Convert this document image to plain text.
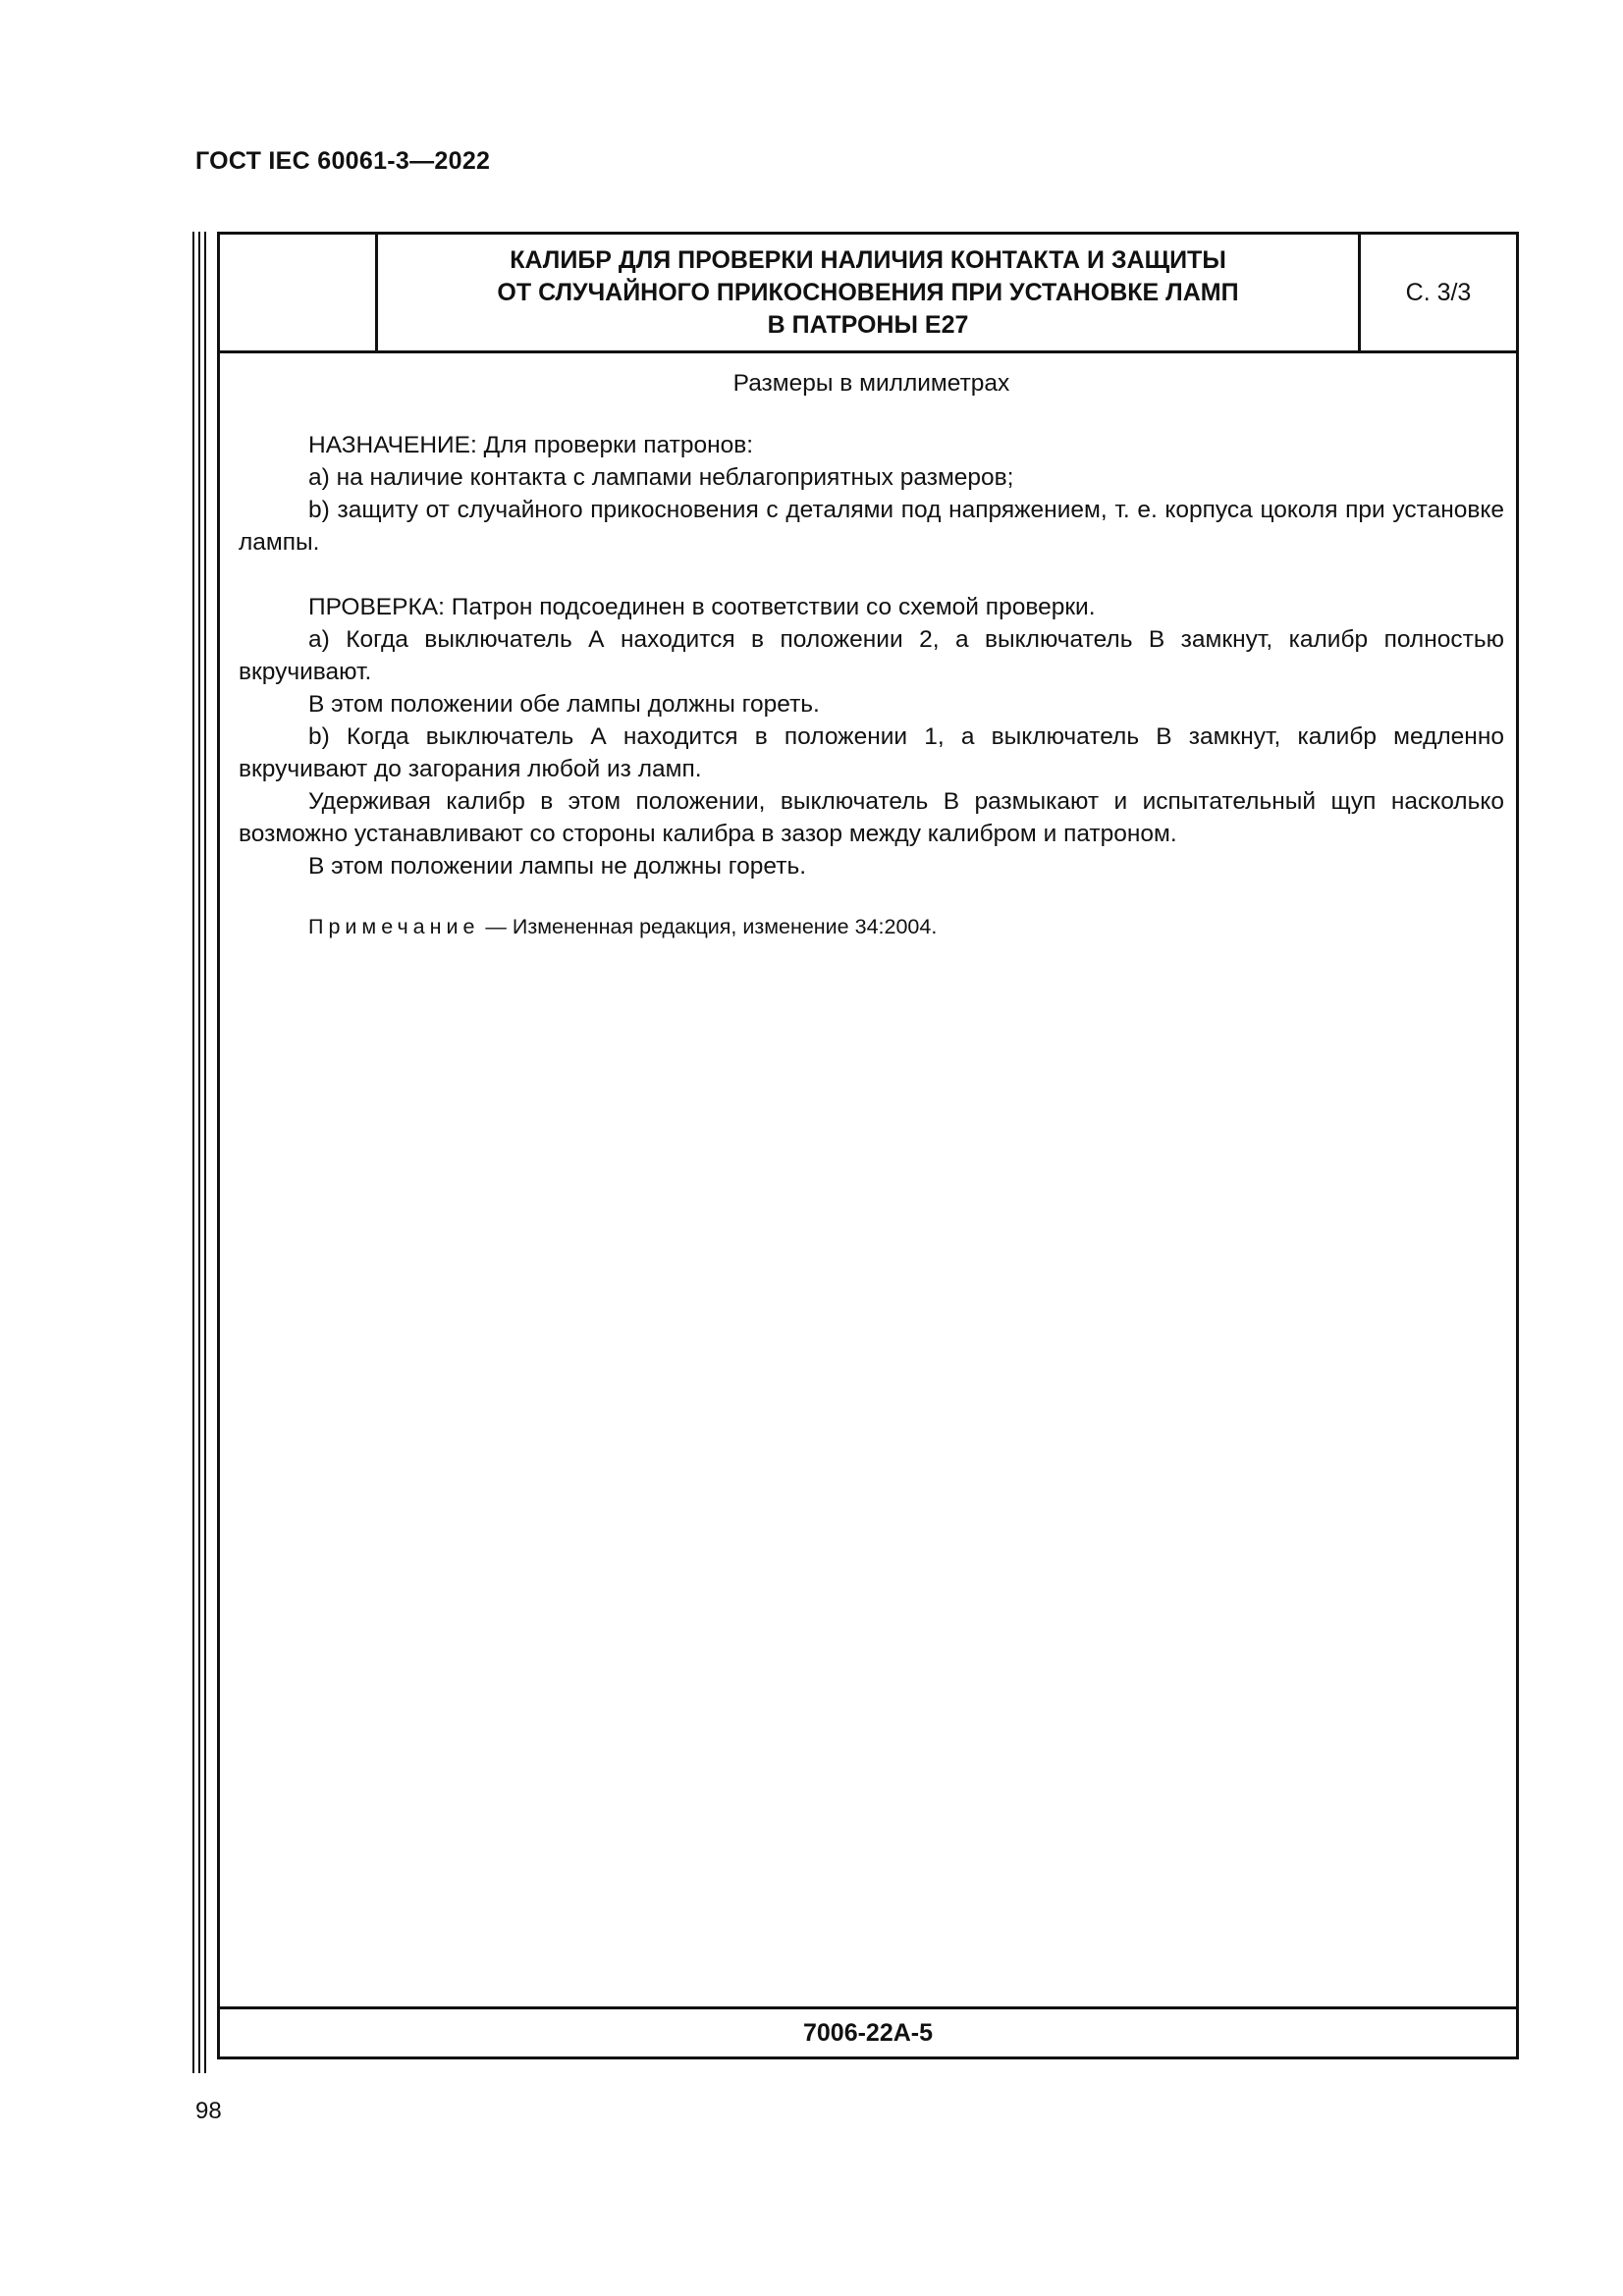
ГОСТ IEC 60061-3—2022
КАЛИБР ДЛЯ ПРОВЕРКИ НАЛИЧИЯ КОНТАКТА И ЗАЩИТЫ
ОТ СЛУЧАЙНОГО ПРИКОСНОВЕНИЯ ПРИ УСТАНОВКЕ ЛАМП
В ПАТРОНЫ Е27
С. 3/3
Размеры в миллиметрах

НАЗНАЧЕНИЕ: Для проверки патронов:

а) на наличие контакта с лампами неблагоприятных размеров;

b) защиту от случайного прикосновения с деталями под напряжением, т. е. корпуса цоколя при установке лампы.

ПРОВЕРКА: Патрон подсоединен в соответствии со схемой проверки.

а) Когда выключатель А находится в положении 2, а выключатель В замкнут, калибр полностью вкручивают.

В этом положении обе лампы должны гореть.

b) Когда выключатель А находится в положении 1, а выключатель В замкнут, калибр медленно вкручивают до загорания любой из ламп.

Удерживая калибр в этом положении, выключатель В размыкают и испытательный щуп насколько возможно устанавливают со стороны калибра в зазор между калибром и патроном.

В этом положении лампы не должны гореть.

Примечание — Измененная редакция, изменение 34:2004.
7006-22А-5
98
